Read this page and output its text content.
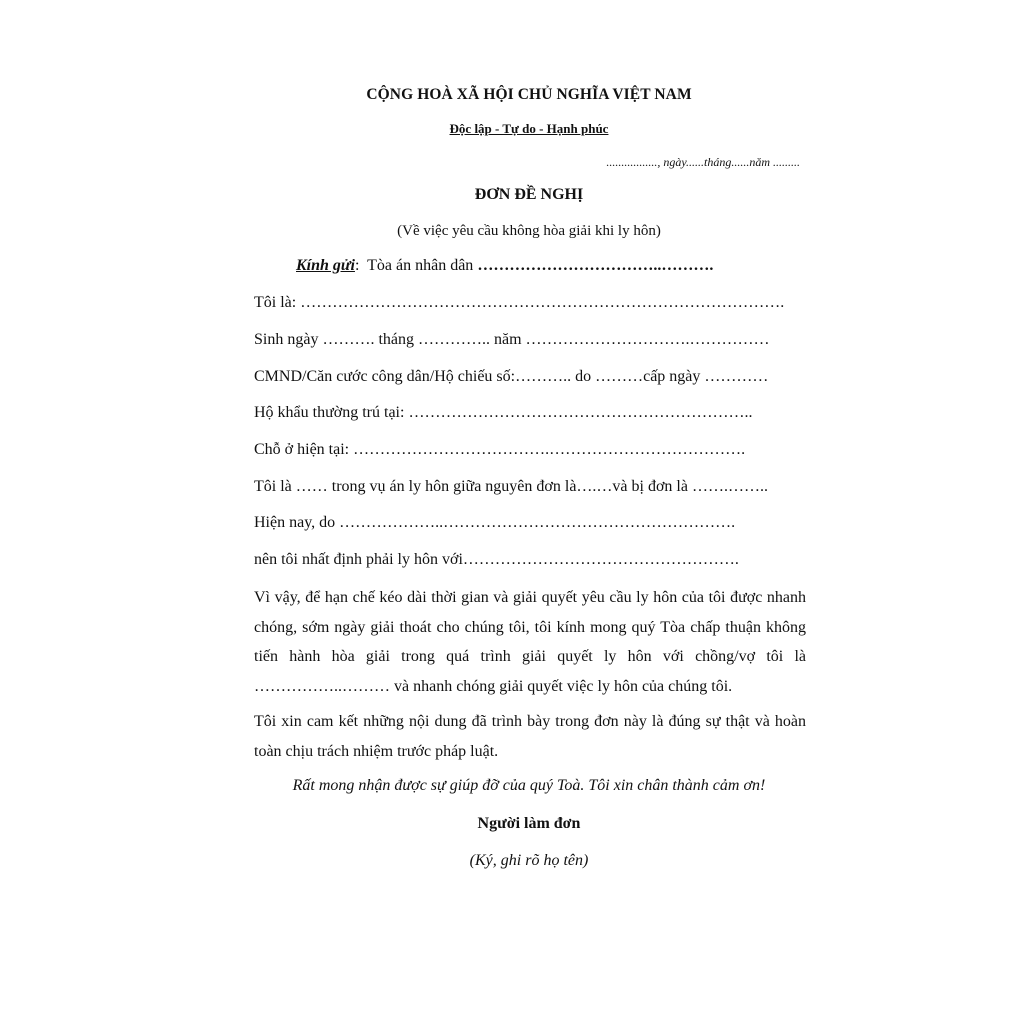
CỘNG HOÀ XÃ HỘI CHỦ NGHĨA VIỆT NAM
Độc lập - Tự do - Hạnh phúc
................., ngày......tháng......năm .........
ĐƠN ĐỀ NGHỊ
(Về việc yêu cầu không hòa giải khi ly hôn)
Kính gửi: Tòa án nhân dân ……………………………..……….
Tôi là: ……………………………………………………………………………….
Sinh ngày ………. tháng ………….. năm ………………………….……………
CMND/Căn cước công dân/Hộ chiếu số:……….. do ………cấp ngày …………
Hộ khẩu thường trú tại: ………………………………………………………..
Chỗ ở hiện tại: ……………………………….……………………………….
Tôi là …… trong vụ án ly hôn giữa nguyên đơn là….…và bị đơn là …….……..
Hiện nay, do ………………..……………………………………………….
nên tôi nhất định phải ly hôn với…………………………………………….
Vì vậy, để hạn chế kéo dài thời gian và giải quyết yêu cầu ly hôn của tôi được nhanh chóng, sớm ngày giải thoát cho chúng tôi, tôi kính mong quý Tòa chấp thuận không tiến hành hòa giải trong quá trình giải quyết ly hôn với chồng/vợ tôi là ……………..……… và nhanh chóng giải quyết việc ly hôn của chúng tôi.
Tôi xin cam kết những nội dung đã trình bày trong đơn này là đúng sự thật và hoàn toàn chịu trách nhiệm trước pháp luật.
Rất mong nhận được sự giúp đỡ của quý Toà. Tôi xin chân thành cảm ơn!
Người làm đơn
(Ký, ghi rõ họ tên)
